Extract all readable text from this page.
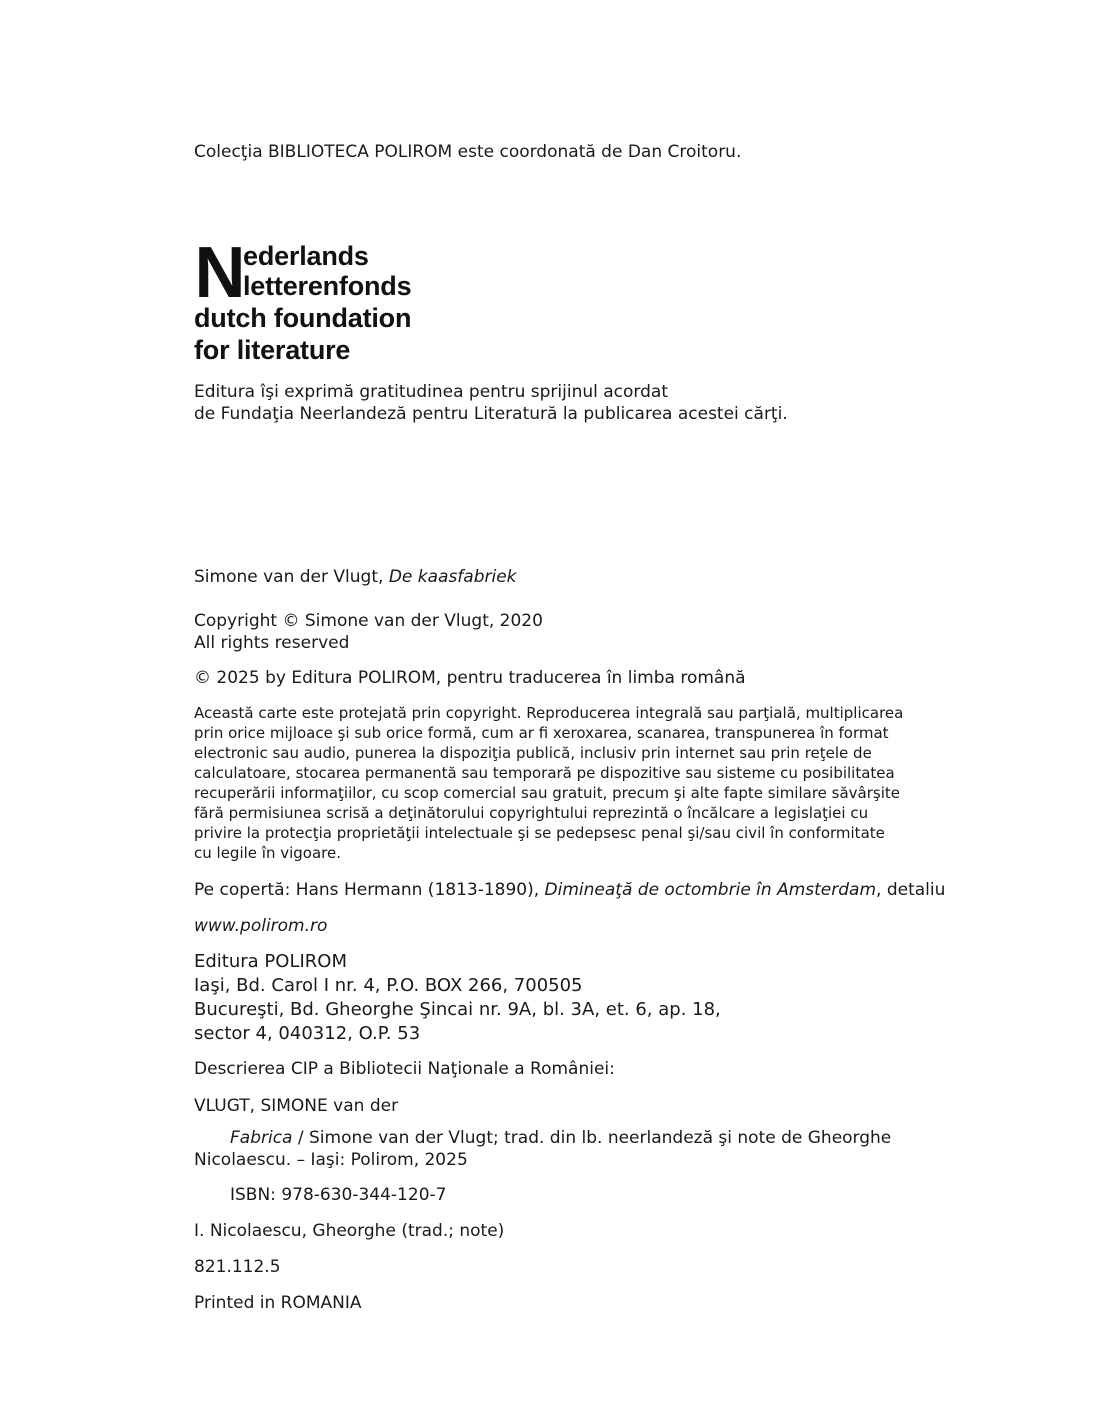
Colecţia BIBLIOTECA POLIROM este coordonată de Dan Croitoru.

N
ederlands
letterenfonds
dutch foundation
for literature

Editura îşi exprimă gratitudinea pentru sprijinul acordat
de Fundaţia Neerlandeză pentru Literatură la publicarea acestei cărţi.

Simone van der Vlugt, De kaasfabriek

Copyright © Simone van der Vlugt, 2020
All rights reserved

© 2025 by Editura POLIROM, pentru traducerea în limba română

Această carte este protejată prin copyright. Reproducerea integrală sau parţială, multiplicarea
prin orice mijloace şi sub orice formă, cum ar fi xeroxarea, scanarea, transpunerea în format
electronic sau audio, punerea la dispoziţia publică, inclusiv prin internet sau prin reţele de
calculatoare, stocarea permanentă sau temporară pe dispozitive sau sisteme cu posibilitatea
recuperării informaţiilor, cu scop comercial sau gratuit, precum şi alte fapte similare săvârşite
fără permisiunea scrisă a deţinătorului copyrightului reprezintă o încălcare a legislaţiei cu
privire la protecţia proprietăţii intelectuale şi se pedepsesc penal şi/sau civil în conformitate
cu legile în vigoare.

Pe copertă: Hans Hermann (1813-1890), Dimineaţă de octombrie în Amsterdam, detaliu

www.polirom.ro

Editura POLIROM
Iaşi, Bd. Carol I nr. 4, P.O. BOX 266, 700505
Bucureşti, Bd. Gheorghe Şincai nr. 9A, bl. 3A, et. 6, ap. 18,
sector 4, 040312, O.P. 53

Descrierea CIP a Bibliotecii Naţionale a României:

VLUGT, SIMONE van der

Fabrica / Simone van der Vlugt; trad. din lb. neerlandeză şi note de Gheorghe
Nicolaescu. – Iaşi: Polirom, 2025

ISBN: 978-630-344-120-7

I. Nicolaescu, Gheorghe (trad.; note)

821.112.5

Printed in ROMANIA
